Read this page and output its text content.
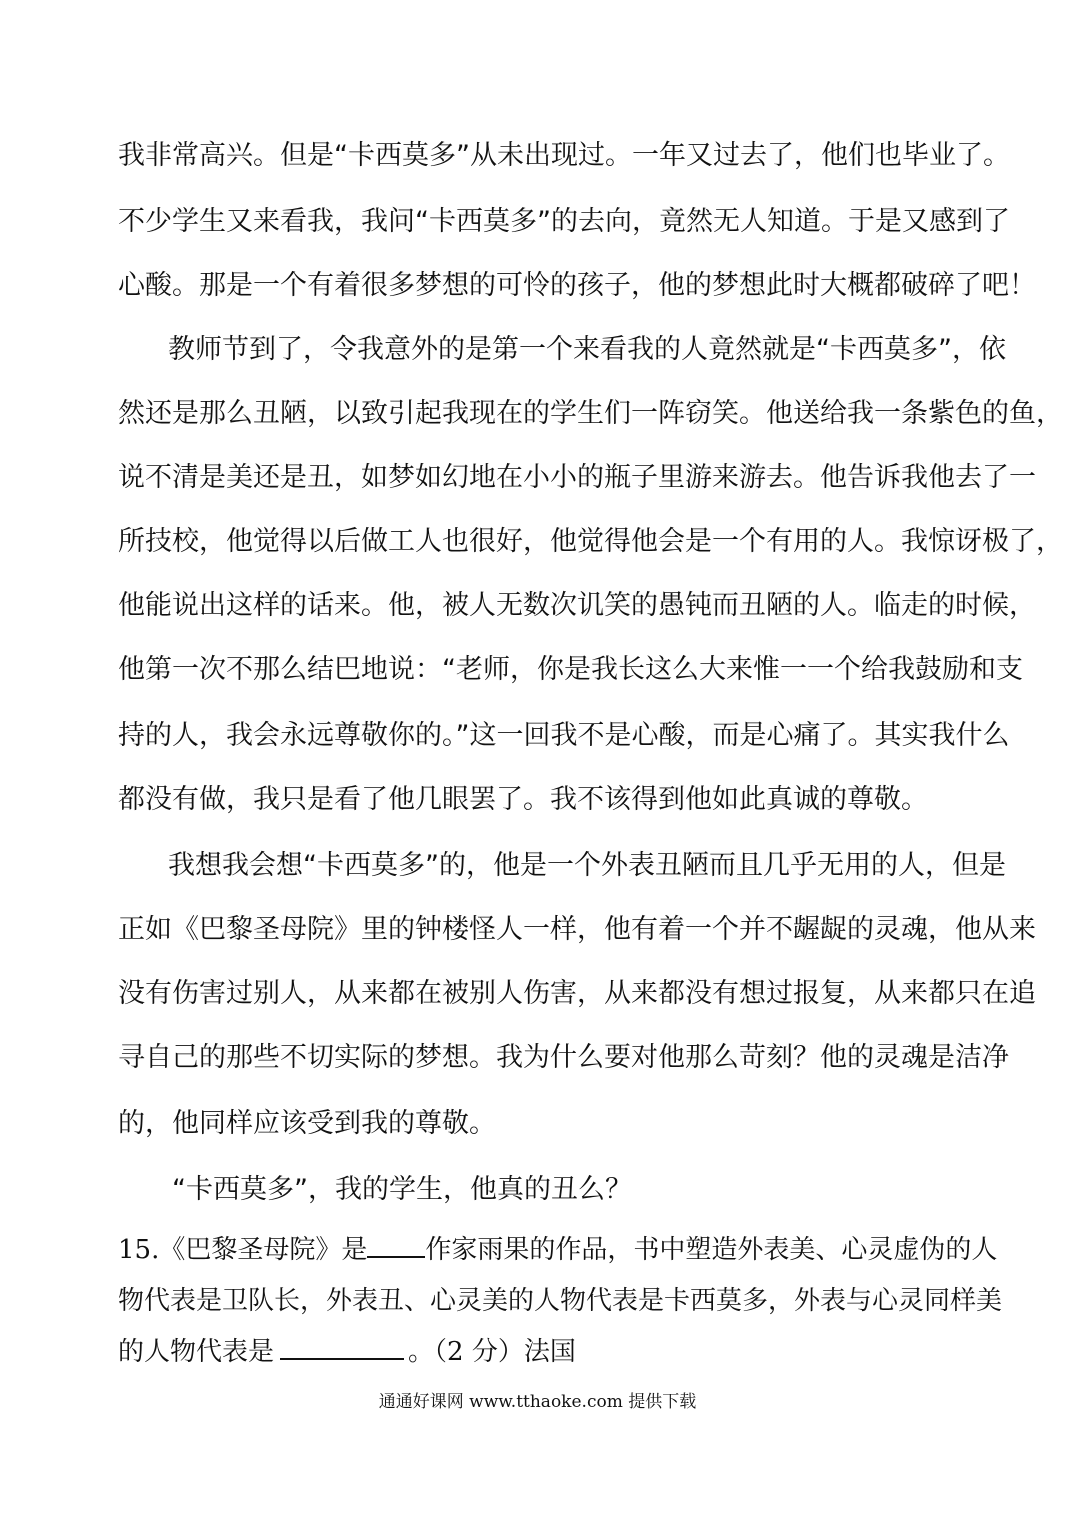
我非常高兴。但是“卡西莫多”从未出现过。一年又过去了，他们也毕业了。
不少学生又来看我，我问“卡西莫多”的去向，竟然无人知道。于是又感到了
心酸。那是一个有着很多梦想的可怜的孩子，他的梦想此时大概都破碎了吧！
教师节到了，令我意外的是第一个来看我的人竟然就是“卡西莫多”，依
然还是那么丑陋，以致引起我现在的学生们一阵窃笑。他送给我一条紫色的鱼，
说不清是美还是丑，如梦如幻地在小小的瓶子里游来游去。他告诉我他去了一
所技校，他觉得以后做工人也很好，他觉得他会是一个有用的人。我惊讶极了，
他能说出这样的话来。他，被人无数次讥笑的愚钝而丑陋的人。临走的时候，
他第一次不那么结巴地说：“老师，你是我长这么大来惟一一个给我鼓励和支
持的人，我会永远尊敬你的。”这一回我不是心酸，而是心痛了。其实我什么
都没有做，我只是看了他几眼罢了。我不该得到他如此真诚的尊敬。
我想我会想“卡西莫多”的，他是一个外表丑陋而且几乎无用的人，但是
正如《巴黎圣母院》里的钟楼怪人一样，他有着一个并不龌龊的灵魂，他从来
没有伤害过别人，从来都在被别人伤害，从来都没有想过报复，从来都只在追
寻自己的那些不切实际的梦想。我为什么要对他那么苛刻？他的灵魂是洁净
的，他同样应该受到我的尊敬。
“卡西莫多”，我的学生，他真的丑么？
15.《巴黎圣母院》是 作家雨果的作品，书中塑造外表美、心灵虚伪的人
物代表是卫队长，外表丑、心灵美的人物代表是卡西莫多，外表与心灵同样美
的人物代表是	。（2 分）法国
通通好课网 www.tthaoke.com 提供下载
